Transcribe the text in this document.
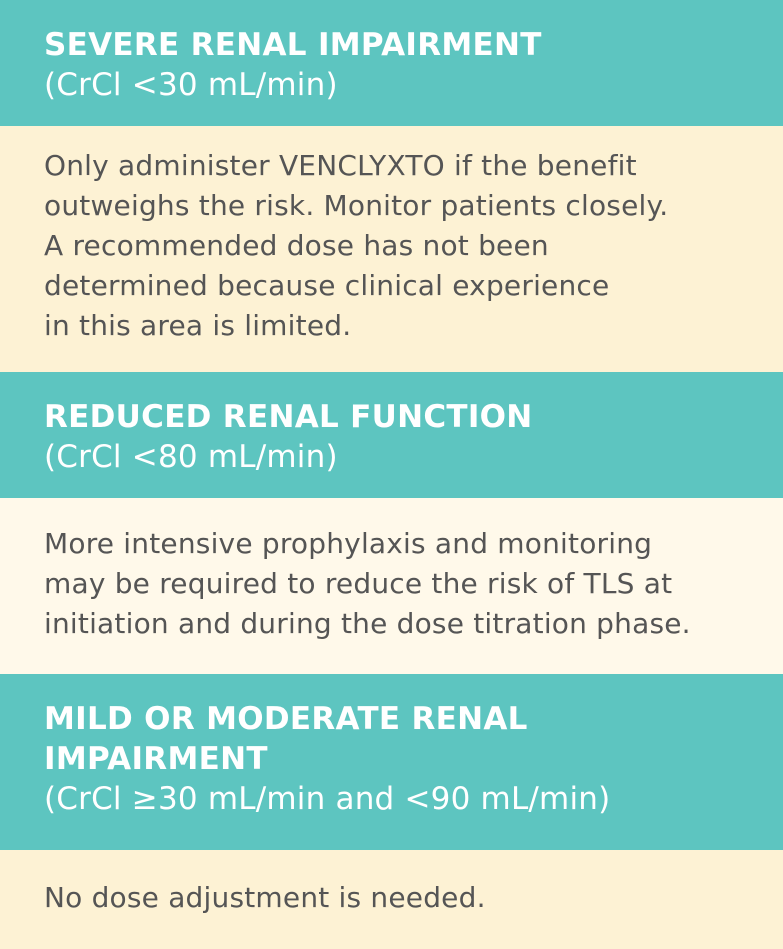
SEVERE RENAL IMPAIRMENT
(CrCl <30 mL/min)
Only administer VENCLYXTO if the benefit
outweighs the risk. Monitor patients closely.
A recommended dose has not been
determined because clinical experience
in this area is limited.
REDUCED RENAL FUNCTION
(CrCl <80 mL/min)
More intensive prophylaxis and monitoring
may be required to reduce the risk of TLS at
initiation and during the dose titration phase.
MILD OR MODERATE RENAL
IMPAIRMENT
(CrCl ≥30 mL/min and <90 mL/min)
No dose adjustment is needed.
